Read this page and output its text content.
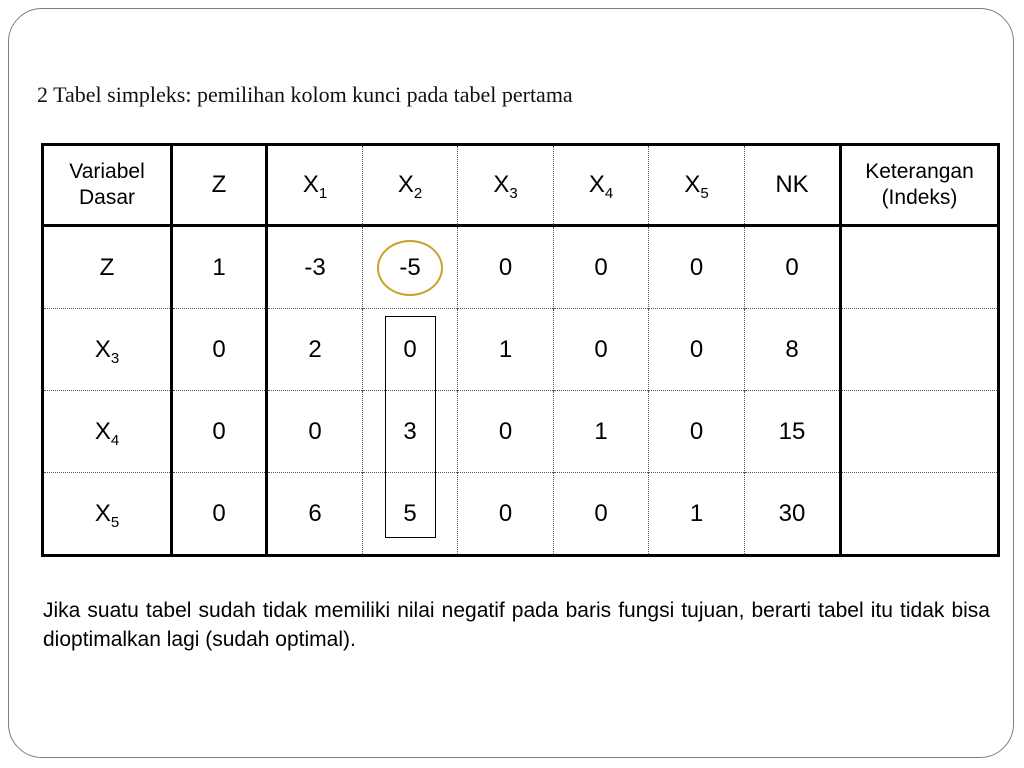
2 Tabel simpleks: pemilihan kolom kunci pada tabel pertama
Variabel
Dasar	Z	$X_1$	$X_2$	$X_3$	$X_4$	$X_5$	NK	Keterangan
(Indeks)
Z	1	-3	-5	0	0	0	0	
$X_3$	0	2	0	1	0	0	8	
$X_4$	0	0	3	0	1	0	15	
$X_5$	0	6	5	0	0	1	30	
Jika suatu tabel sudah tidak memiliki nilai negatif pada baris fungsi tujuan, berarti tabel itu tidak bisa dioptimalkan lagi (sudah optimal).
